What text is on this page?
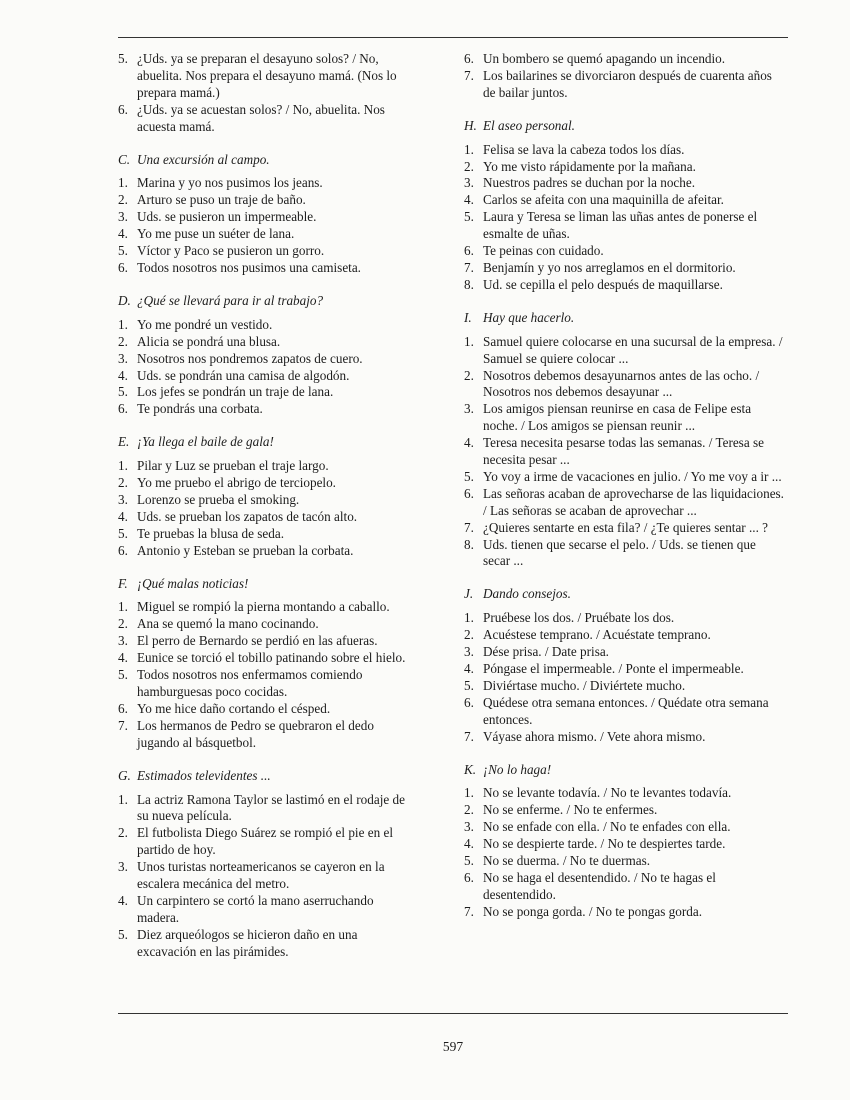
5. ¿Uds. ya se preparan el desayuno solos? / No, abuelita. Nos prepara el desayuno mamá. (Nos lo prepara mamá.)
6. ¿Uds. ya se acuestan solos? / No, abuelita. Nos acuesta mamá.
C. Una excursión al campo.
1. Marina y yo nos pusimos los jeans.
2. Arturo se puso un traje de baño.
3. Uds. se pusieron un impermeable.
4. Yo me puse un suéter de lana.
5. Víctor y Paco se pusieron un gorro.
6. Todos nosotros nos pusimos una camiseta.
D. ¿Qué se llevará para ir al trabajo?
1. Yo me pondré un vestido.
2. Alicia se pondrá una blusa.
3. Nosotros nos pondremos zapatos de cuero.
4. Uds. se pondrán una camisa de algodón.
5. Los jefes se pondrán un traje de lana.
6. Te pondrás una corbata.
E. ¡Ya llega el baile de gala!
1. Pilar y Luz se prueban el traje largo.
2. Yo me pruebo el abrigo de terciopelo.
3. Lorenzo se prueba el smoking.
4. Uds. se prueban los zapatos de tacón alto.
5. Te pruebas la blusa de seda.
6. Antonio y Esteban se prueban la corbata.
F. ¡Qué malas noticias!
1. Miguel se rompió la pierna montando a caballo.
2. Ana se quemó la mano cocinando.
3. El perro de Bernardo se perdió en las afueras.
4. Eunice se torció el tobillo patinando sobre el hielo.
5. Todos nosotros nos enfermamos comiendo hamburguesas poco cocidas.
6. Yo me hice daño cortando el césped.
7. Los hermanos de Pedro se quebraron el dedo jugando al básquetbol.
G. Estimados televidentes ...
1. La actriz Ramona Taylor se lastimó en el rodaje de su nueva película.
2. El futbolista Diego Suárez se rompió el pie en el partido de hoy.
3. Unos turistas norteamericanos se cayeron en la escalera mecánica del metro.
4. Un carpintero se cortó la mano aserruchando madera.
5. Diez arqueólogos se hicieron daño en una excavación en las pirámides.
6. Un bombero se quemó apagando un incendio.
7. Los bailarines se divorciaron después de cuarenta años de bailar juntos.
H. El aseo personal.
1. Felisa se lava la cabeza todos los días.
2. Yo me visto rápidamente por la mañana.
3. Nuestros padres se duchan por la noche.
4. Carlos se afeita con una maquinilla de afeitar.
5. Laura y Teresa se liman las uñas antes de ponerse el esmalte de uñas.
6. Te peinas con cuidado.
7. Benjamín y yo nos arreglamos en el dormitorio.
8. Ud. se cepilla el pelo después de maquillarse.
I. Hay que hacerlo.
1. Samuel quiere colocarse en una sucursal de la empresa. / Samuel se quiere colocar ...
2. Nosotros debemos desayunarnos antes de las ocho. / Nosotros nos debemos desayunar ...
3. Los amigos piensan reunirse en casa de Felipe esta noche. / Los amigos se piensan reunir ...
4. Teresa necesita pesarse todas las semanas. / Teresa se necesita pesar ...
5. Yo voy a irme de vacaciones en julio. / Yo me voy a ir ...
6. Las señoras acaban de aprovecharse de las liquidaciones. / Las señoras se acaban de aprovechar ...
7. ¿Quieres sentarte en esta fila? / ¿Te quieres sentar ... ?
8. Uds. tienen que secarse el pelo. / Uds. se tienen que secar ...
J. Dando consejos.
1. Pruébese los dos. / Pruébate los dos.
2. Acuéstese temprano. / Acuéstate temprano.
3. Dése prisa. / Date prisa.
4. Póngase el impermeable. / Ponte el impermeable.
5. Diviértase mucho. / Diviértete mucho.
6. Quédese otra semana entonces. / Quédate otra semana entonces.
7. Váyase ahora mismo. / Vete ahora mismo.
K. ¡No lo haga!
1. No se levante todavía. / No te levantes todavía.
2. No se enferme. / No te enfermes.
3. No se enfade con ella. / No te enfades con ella.
4. No se despierte tarde. / No te despiertes tarde.
5. No se duerma. / No te duermas.
6. No se haga el desentendido. / No te hagas el desentendido.
7. No se ponga gorda. / No te pongas gorda.
597
